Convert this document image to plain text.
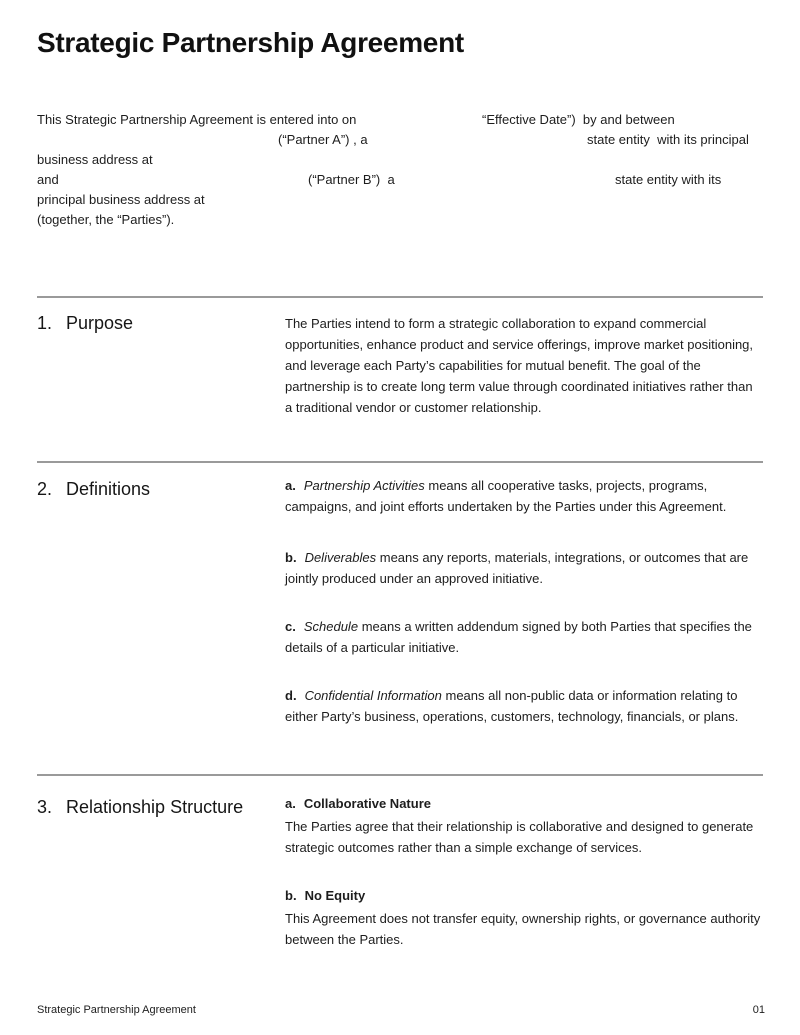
Strategic Partnership Agreement
This Strategic Partnership Agreement is entered into on	“Effective Date”)  by and between
(“Partner A”) , a	state entity  with its principal
business address at
and	(“Partner B”)  a	state entity with its
principal business address at
(together, the “Parties”).
1. Purpose	The Parties intend to form a strategic collaboration to expand commercial opportunities, enhance product and service offerings, improve market positioning, and leverage each Party’s capabilities for mutual benefit. The goal of the partnership is to create long term value through coordinated initiatives rather than a traditional vendor or customer relationship.
2. Definitions	a. Partnership Activities means all cooperative tasks, projects, programs, campaigns, and joint efforts undertaken by the Parties under this Agreement.
b. Deliverables means any reports, materials, integrations, or outcomes that are jointly produced under an approved initiative.
c. Schedule means a written addendum signed by both Parties that specifies the details of a particular initiative.
d. Confidential Information means all non-public data or information relating to either Party’s business, operations, customers, technology, financials, or plans.
3. Relationship Structure	a. Collaborative Nature
The Parties agree that their relationship is collaborative and designed to generate strategic outcomes rather than a simple exchange of services.
b. No Equity
This Agreement does not transfer equity, ownership rights, or governance authority between the Parties.
Strategic Partnership Agreement	01
